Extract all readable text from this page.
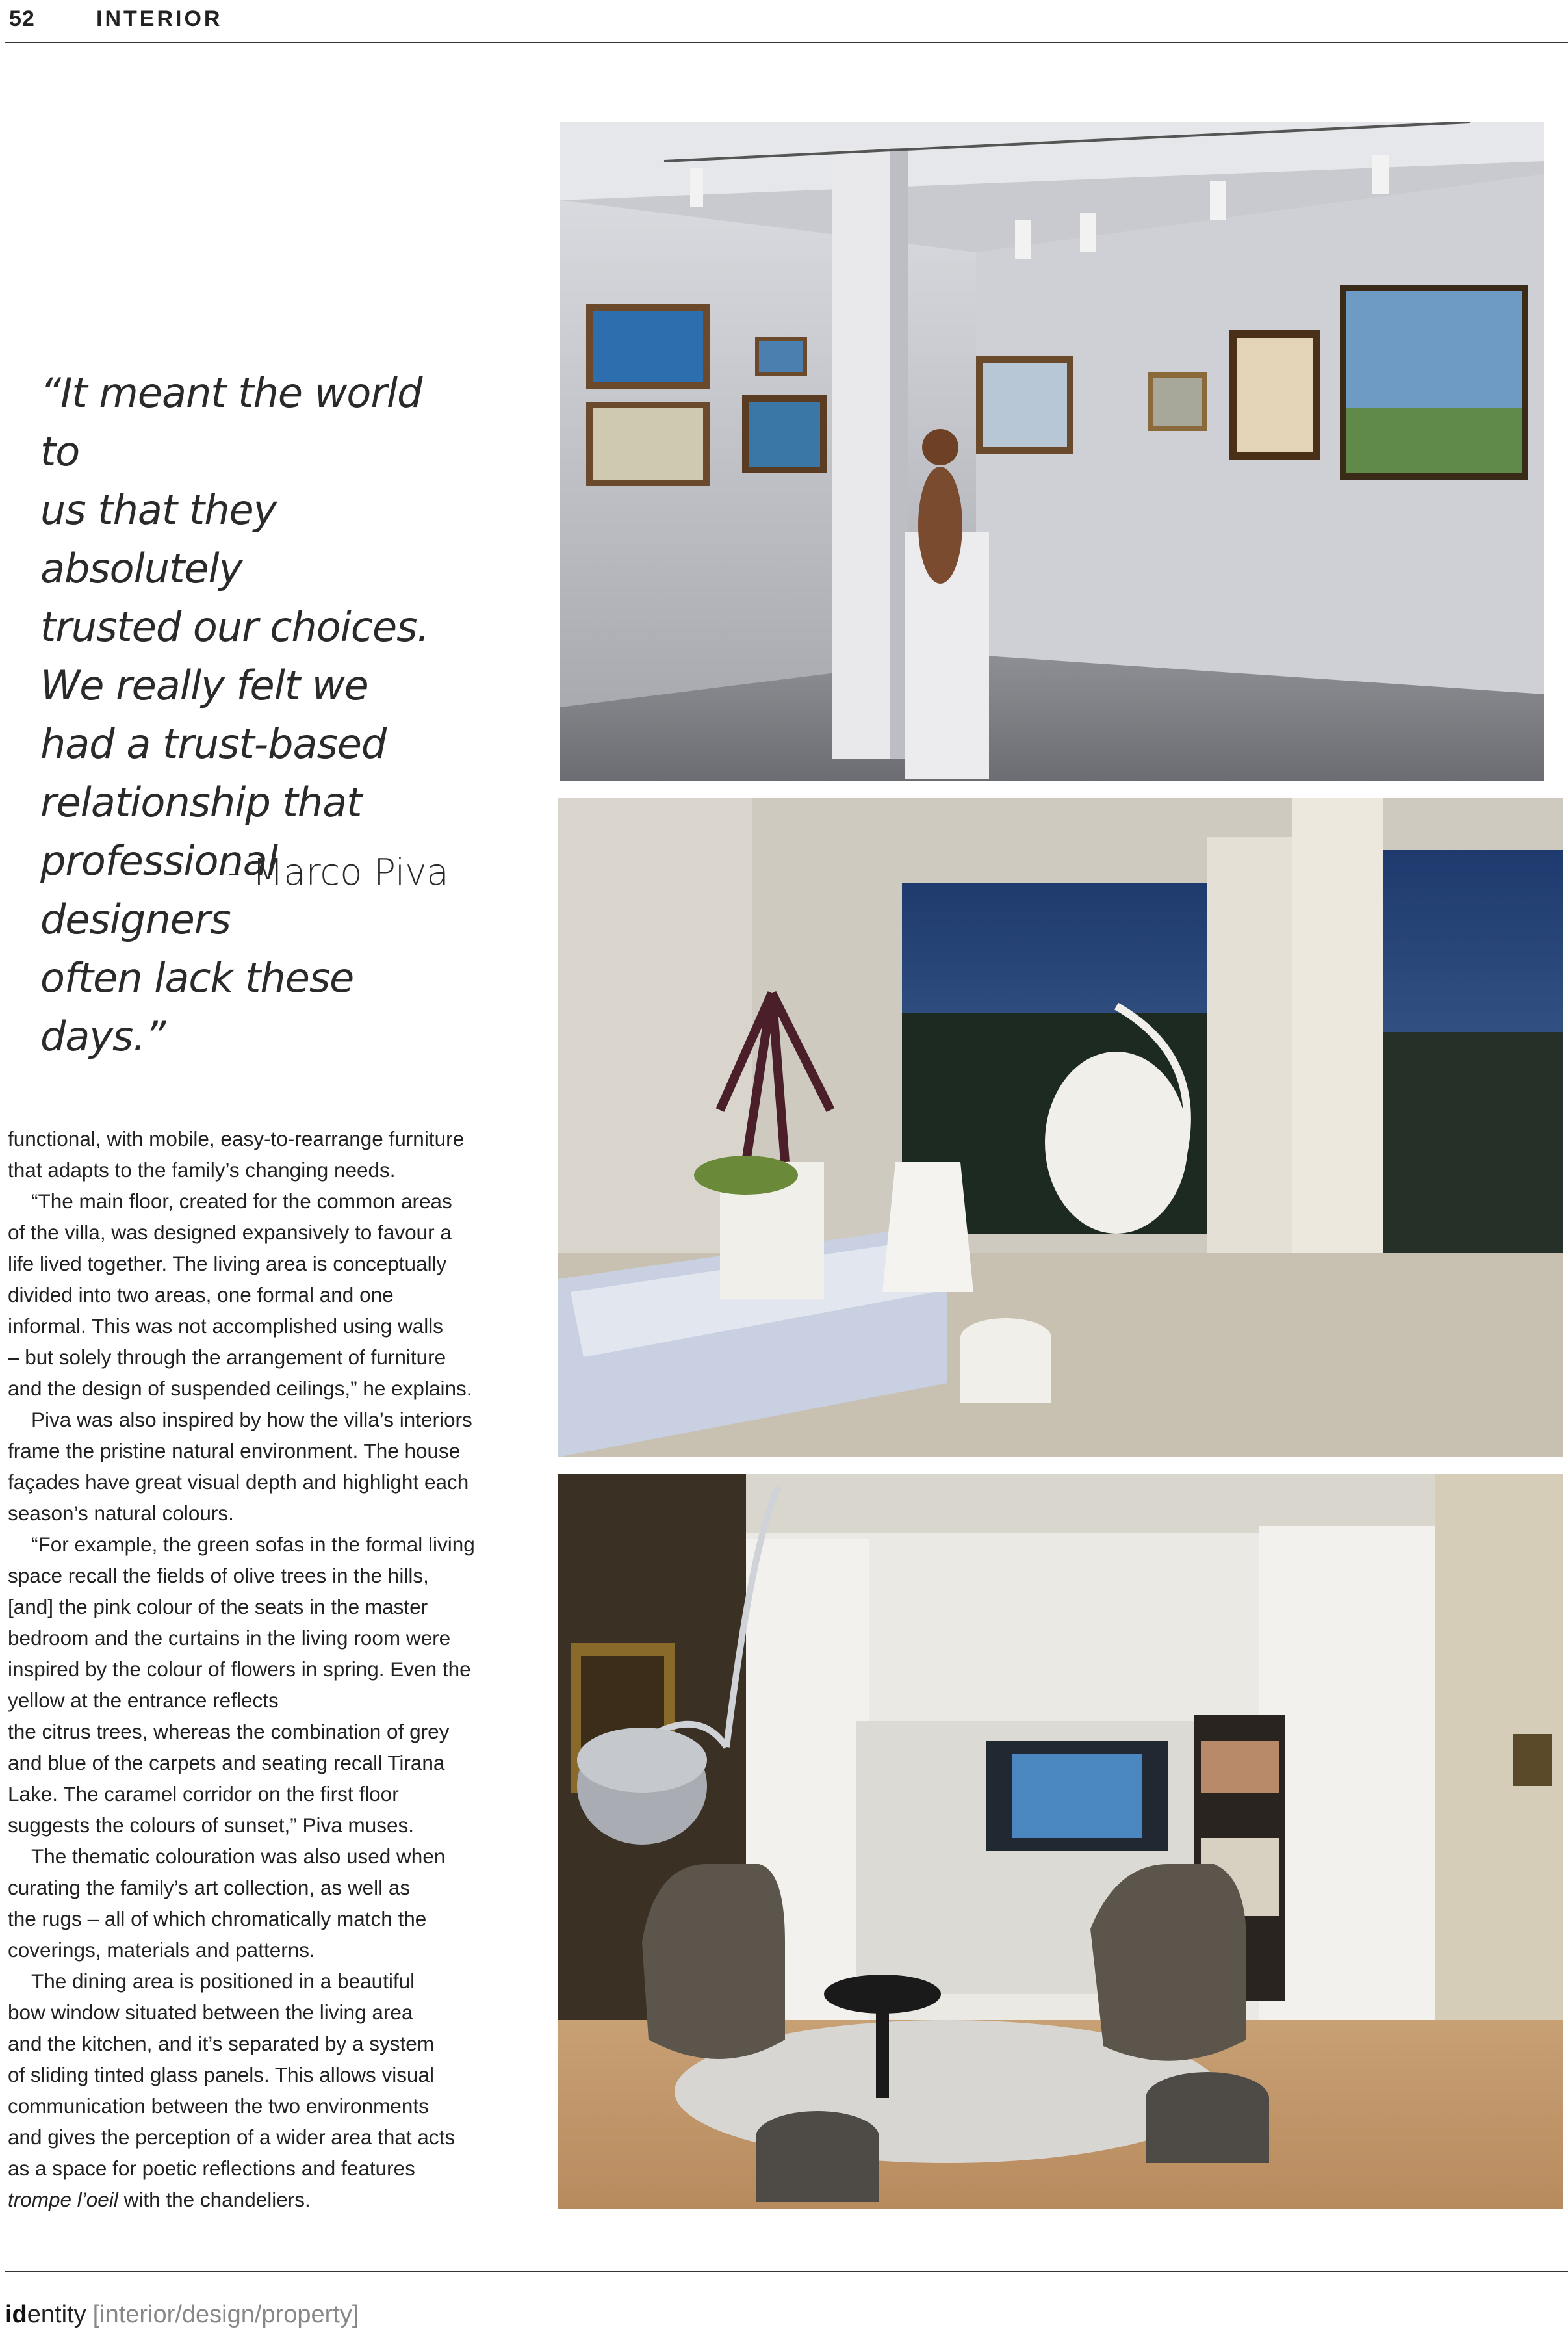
52	INTERIOR

“It meant the world to
us that they absolutely
trusted our choices.
We really felt we
had a trust-based
relationship that
professional designers
often lack these days.”

- Marco Piva

functional, with mobile, easy-to-rearrange furniture

that adapts to the family’s changing needs.

“The main floor, created for the common areas

of the villa, was designed expansively to favour a

life lived together. The living area is conceptually

divided into two areas, one formal and one

informal. This was not accomplished using walls

– but solely through the arrangement of furniture

and the design of suspended ceilings,” he explains.

Piva was also inspired by how the villa’s interiors

frame the pristine natural environment. The house

façades have great visual depth and highlight each

season’s natural colours.

“For example, the green sofas in the formal living

space recall the fields of olive trees in the hills,

[and] the pink colour of the seats in the master

bedroom and the curtains in the living room were

inspired by the colour of flowers in spring. Even the

yellow at the entrance reflects

the citrus trees, whereas the combination of grey

and blue of the carpets and seating recall Tirana

Lake. The caramel corridor on the first floor

suggests the colours of sunset,” Piva muses.

The thematic colouration was also used when

curating the family’s art collection, as well as

the rugs – all of which chromatically match the

coverings, materials and patterns.

The dining area is positioned in a beautiful

bow window situated between the living area

and the kitchen, and it’s separated by a system

of sliding tinted glass panels. This allows visual

communication between the two environments

and gives the perception of a wider area that acts

as a space for poetic reflections and features

trompe l’oeil with the chandeliers.

identity [interior/design/property]
